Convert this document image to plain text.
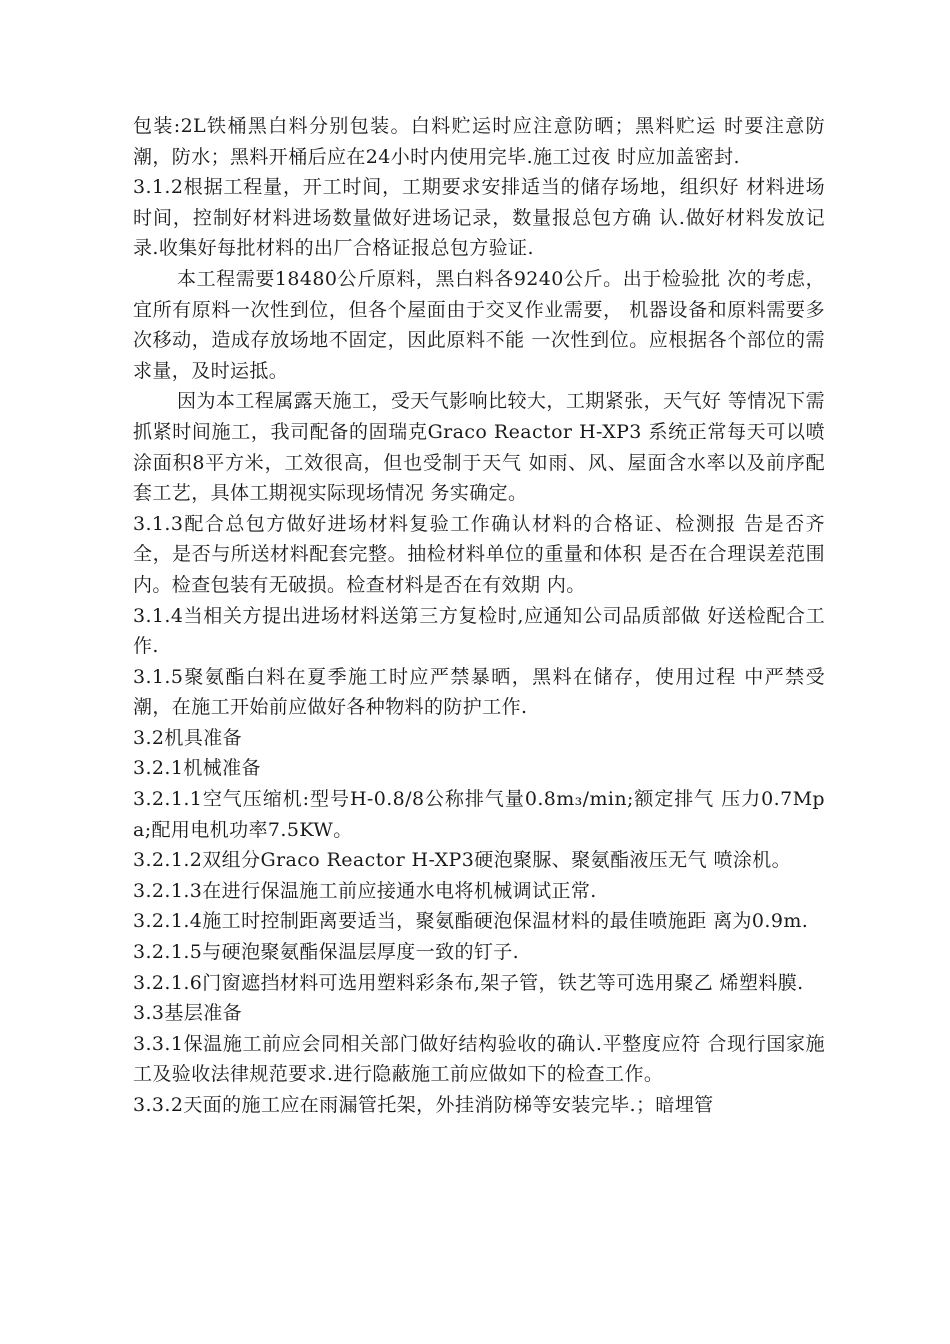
包装:2L铁桶黑白料分别包装。白料贮运时应注意防晒；黑料贮运 时要注意防潮，防水；黑料开桶后应在24小时内使用完毕.施工过夜 时应加盖密封.

3.1.2根据工程量，开工时间，工期要求安排适当的储存场地，组织好 材料进场时间，控制好材料进场数量做好进场记录，数量报总包方确 认.做好材料发放记录.收集好每批材料的出厂合格证报总包方验证.

本工程需要18480公斤原料，黑白料各9240公斤。出于检验批 次的考虑，宜所有原料一次性到位，但各个屋面由于交叉作业需要， 机器设备和原料需要多次移动，造成存放场地不固定，因此原料不能 一次性到位。应根据各个部位的需求量，及时运抵。

因为本工程属露天施工，受天气影响比较大，工期紧张，天气好 等情况下需抓紧时间施工，我司配备的固瑞克Graco Reactor H-XP3 系统正常每天可以喷涂面积8平方米，工效很高，但也受制于天气 如雨、风、屋面含水率以及前序配套工艺，具体工期视实际现场情况 务实确定。

3.1.3配合总包方做好进场材料复验工作确认材料的合格证、检测报 告是否齐全，是否与所送材料配套完整。抽检材料单位的重量和体积 是否在合理误差范围内。检查包装有无破损。检查材料是否在有效期 内。

3.1.4当相关方提出进场材料送第三方复检时,应通知公司品质部做 好送检配合工作.

3.1.5聚氨酯白料在夏季施工时应严禁暴晒，黑料在储存，使用过程 中严禁受潮，在施工开始前应做好各种物料的防护工作.

3.2机具准备

3.2.1机械准备

3.2.1.1空气压缩机:型号H-0.8/8公称排气量0.8m₃/min;额定排气 压力0.7Mpa;配用电机功率7.5KW。

3.2.1.2双组分Graco Reactor H-XP3硬泡聚脲、聚氨酯液压无气 喷涂机。

3.2.1.3在进行保温施工前应接通水电将机械调试正常.

3.2.1.4施工时控制距离要适当，聚氨酯硬泡保温材料的最佳喷施距 离为0.9m.

3.2.1.5与硬泡聚氨酯保温层厚度一致的钉子.

3.2.1.6门窗遮挡材料可选用塑料彩条布,架子管，铁艺等可选用聚乙 烯塑料膜.

3.3基层准备

3.3.1保温施工前应会同相关部门做好结构验收的确认.平整度应符 合现行国家施工及验收法律规范要求.进行隐蔽施工前应做如下的检查工作。

3.3.2天面的施工应在雨漏管托架，外挂消防梯等安装完毕.；暗埋管
